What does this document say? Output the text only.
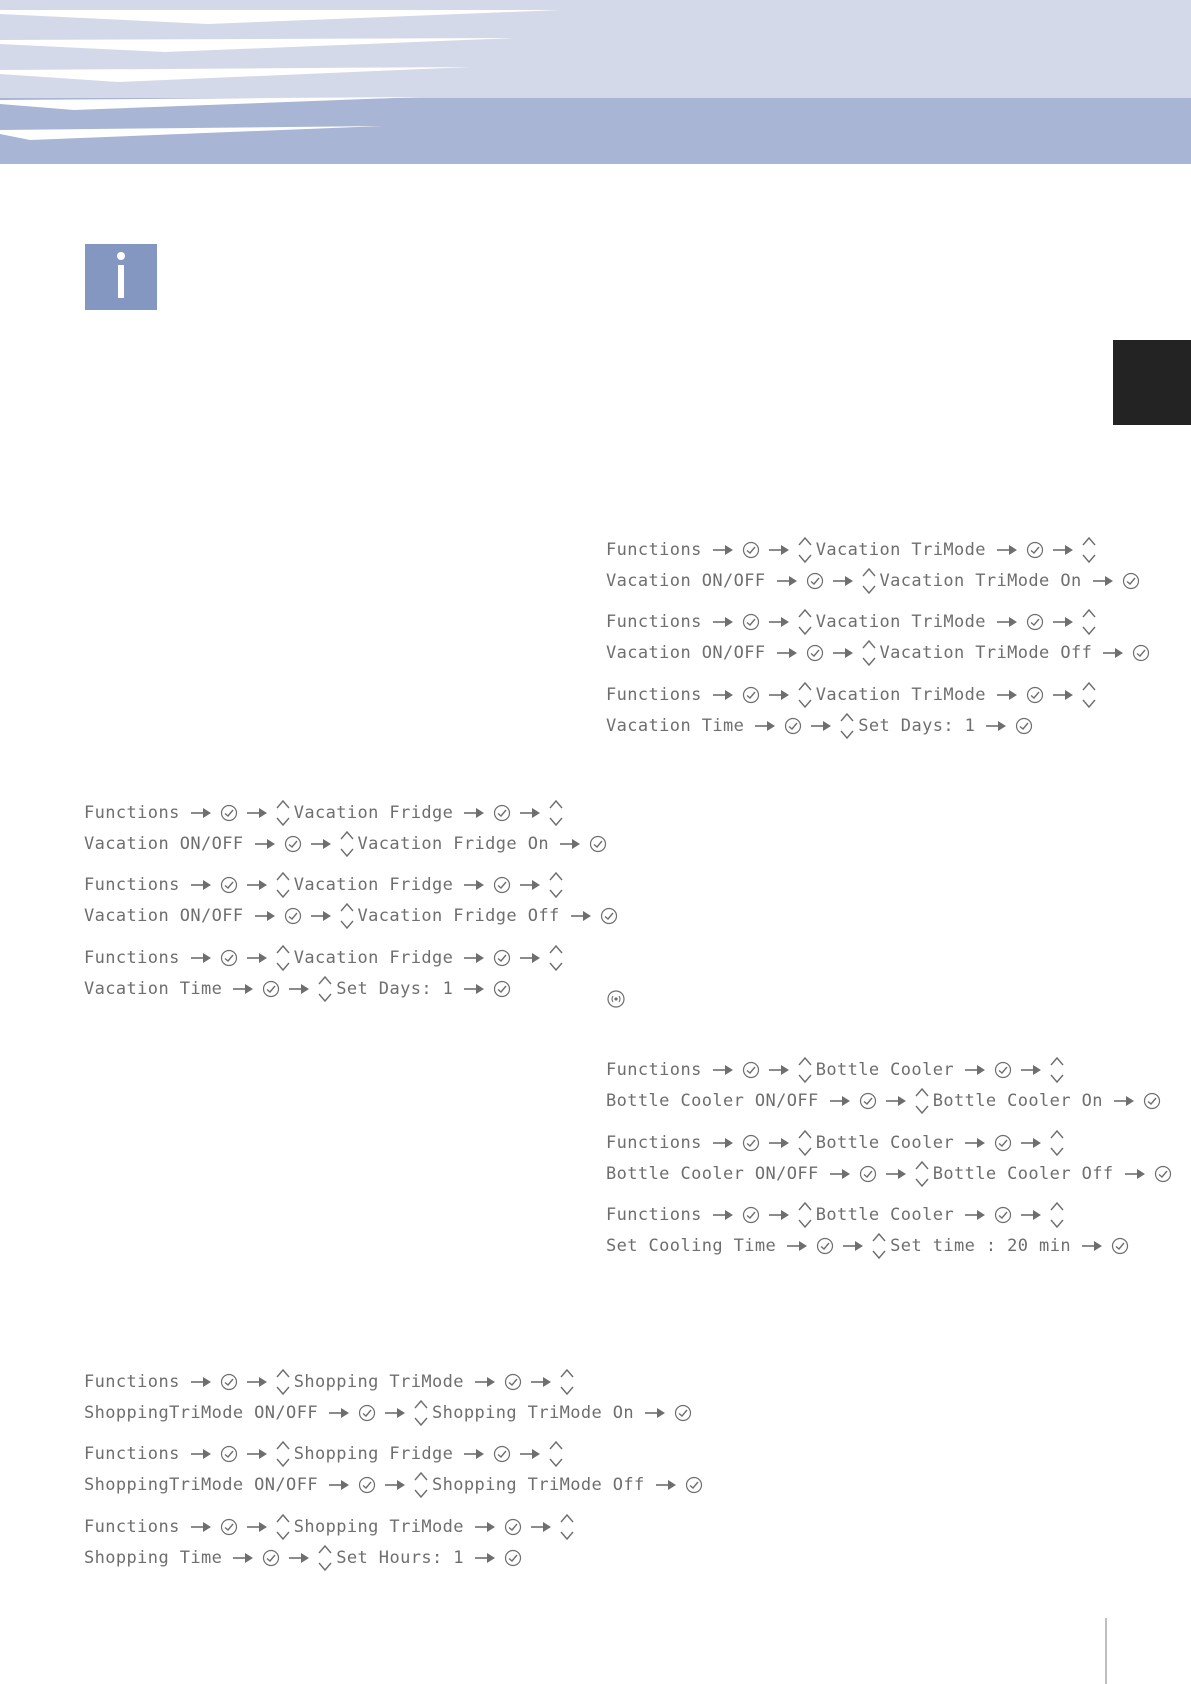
Functions	Vacation TriMode
Vacation ON/OFF	Vacation TriMode On
Functions	Vacation TriMode
Vacation ON/OFF	Vacation TriMode Off
Functions	Vacation TriMode
Vacation Time	Set Days: 1
Functions	Vacation Fridge
Vacation ON/OFF	Vacation Fridge On
Functions	Vacation Fridge
Vacation ON/OFF	Vacation Fridge Off
Functions	Vacation Fridge
Vacation Time	Set Days: 1
Functions	Bottle Cooler
Bottle Cooler ON/OFF	Bottle Cooler On
Functions	Bottle Cooler
Bottle Cooler ON/OFF	Bottle Cooler Off
Functions	Bottle Cooler
Set Cooling Time	Set time : 20 min
Functions	Shopping TriMode
ShoppingTriMode ON/OFF	Shopping TriMode On
Functions	Shopping Fridge
ShoppingTriMode ON/OFF	Shopping TriMode Off
Functions	Shopping TriMode
Shopping Time	Set Hours: 1
